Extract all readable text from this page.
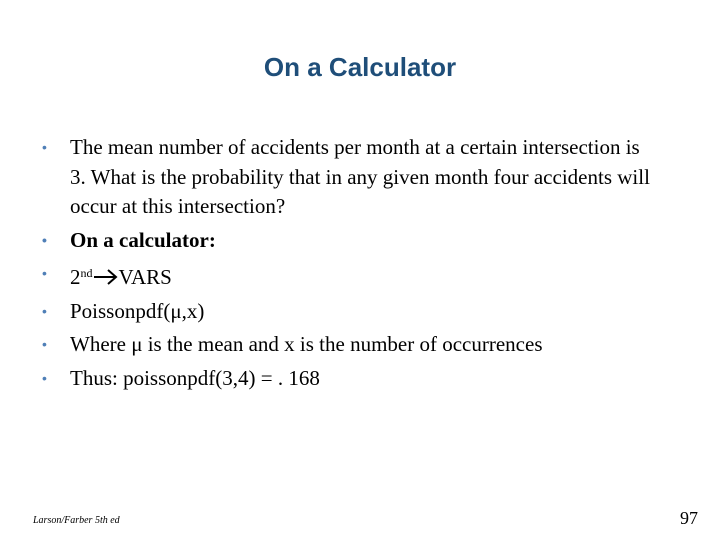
On a Calculator
• The mean number of accidents per month at a certain intersection is 3. What is the probability that in any given month four accidents will occur at this intersection?
• On a calculator:
• 2nd VARS
• Poissonpdf(μ,x)
• Where μ is the mean and x is the number of occurrences
• Thus: poissonpdf(3,4) = . 168
Larson/Farber 5th ed	97
